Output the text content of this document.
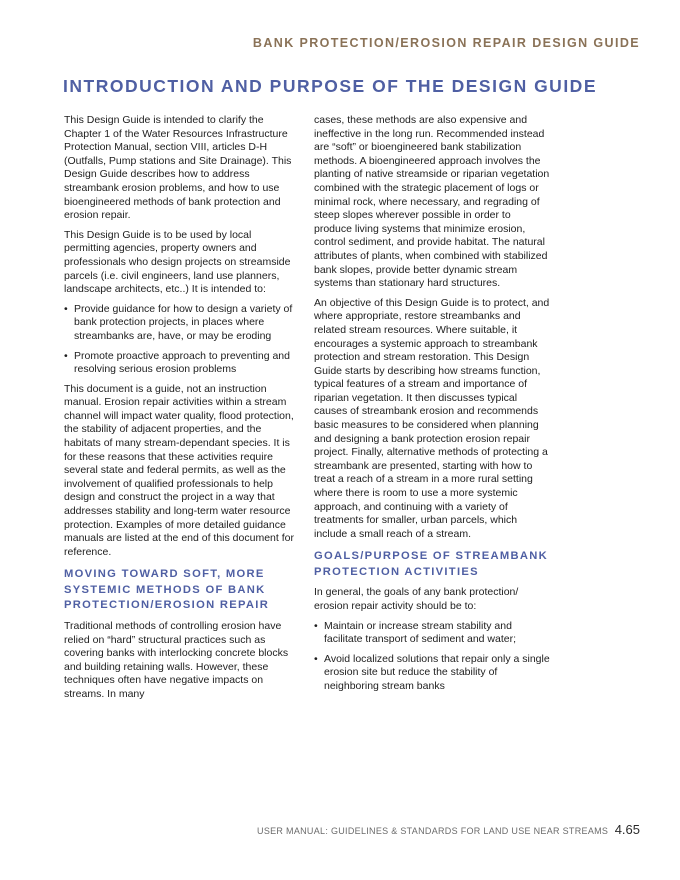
BANK PROTECTION/EROSION REPAIR DESIGN GUIDE
INTRODUCTION AND PURPOSE OF THE DESIGN GUIDE

This Design Guide is intended to clarify the Chapter 1 of the Water Resources Infrastructure Protection Manual, section VIII, articles D-H (Outfalls, Pump stations and Site Drainage). This Design Guide describes how to address streambank erosion problems, and how to use bioengineered methods of bank protection and erosion repair.

This Design Guide is to be used by local permitting agencies, property owners and professionals who design projects on streamside parcels (i.e. civil engineers, land use planners, landscape architects, etc..) It is intended to:

• Provide guidance for how to design a variety of bank protection projects, in places where streambanks are, have, or may be eroding
• Promote proactive approach to preventing and resolving serious erosion problems

This document is a guide, not an instruction manual. Erosion repair activities within a stream channel will impact water quality, flood protection, the stability of adjacent properties, and the habitats of many stream-dependant species. It is for these reasons that these activities require several state and federal permits, as well as the involvement of qualified professionals to help design and construct the project in a way that addresses stability and long-term water resource protection. Examples of more detailed guidance manuals are listed at the end of this document for reference.

MOVING TOWARD SOFT, MORE SYSTEMIC METHODS OF BANK PROTECTION/EROSION REPAIR

Traditional methods of controlling erosion have relied on “hard” structural practices such as covering banks with interlocking concrete blocks and building retaining walls. However, these techniques often have negative impacts on streams. In many

cases, these methods are also expensive and ineffective in the long run. Recommended instead are “soft” or bioengineered bank stabilization methods. A bioengineered approach involves the planting of native streamside or riparian vegetation combined with the strategic placement of logs or minimal rock, where necessary, and regrading of steep slopes wherever possible in order to produce living systems that minimize erosion, control sediment, and provide habitat. The natural attributes of plants, when combined with stabilized bank slopes, provide better dynamic stream systems than stationary hard structures.

An objective of this Design Guide is to protect, and where appropriate, restore streambanks and related stream resources. Where suitable, it encourages a systemic approach to streambank protection and stream restoration. This Design Guide starts by describing how streams function, typical features of a stream and importance of riparian vegetation. It then discusses typical causes of streambank erosion and recommends basic measures to be considered when planning and designing a bank protection erosion repair project. Finally, alternative methods of protecting a streambank are presented, starting with how to treat a reach of a stream in a more rural setting where there is room to use a more systemic approach, and continuing with a variety of treatments for smaller, urban parcels, which include a small reach of a stream.

GOALS/PURPOSE OF STREAMBANK PROTECTION ACTIVITIES

In general, the goals of any bank protection/ erosion repair activity should be to:

• Maintain or increase stream stability and facilitate transport of sediment and water;
• Avoid localized solutions that repair only a single erosion site but reduce the stability of neighboring stream banks
USER MANUAL: GUIDELINES & STANDARDS FOR LAND USE NEAR STREAMS 4.65
